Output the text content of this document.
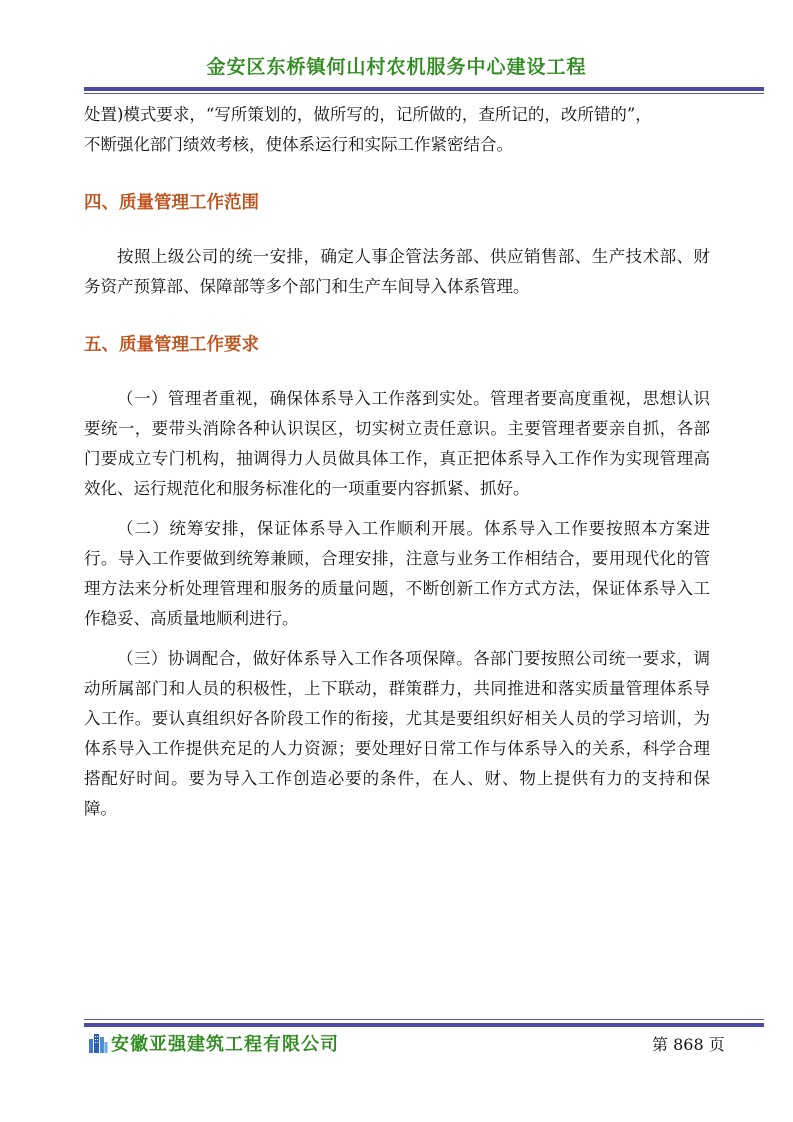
金安区东桥镇何山村农机服务中心建设工程

处置)模式要求，“写所策划的，做所写的，记所做的，查所记的，改所错的”，

不断强化部门绩效考核，使体系运行和实际工作紧密结合。

四、质量管理工作范围

按照上级公司的统一安排，确定人事企管法务部、供应销售部、生产技术部、财务资产预算部、保障部等多个部门和生产车间导入体系管理。

五、质量管理工作要求

（一）管理者重视，确保体系导入工作落到实处。管理者要高度重视，思想认识要统一，要带头消除各种认识误区，切实树立责任意识。主要管理者要亲自抓，各部门要成立专门机构，抽调得力人员做具体工作，真正把体系导入工作作为实现管理高效化、运行规范化和服务标准化的一项重要内容抓紧、抓好。

（二）统筹安排，保证体系导入工作顺利开展。体系导入工作要按照本方案进行。导入工作要做到统筹兼顾，合理安排，注意与业务工作相结合，要用现代化的管理方法来分析处理管理和服务的质量问题，不断创新工作方式方法，保证体系导入工作稳妥、高质量地顺利进行。

（三）协调配合，做好体系导入工作各项保障。各部门要按照公司统一要求，调动所属部门和人员的积极性，上下联动，群策群力，共同推进和落实质量管理体系导入工作。要认真组织好各阶段工作的衔接，尤其是要组织好相关人员的学习培训，为体系导入工作提供充足的人力资源；要处理好日常工作与体系导入的关系，科学合理搭配好时间。要为导入工作创造必要的条件，在人、财、物上提供有力的支持和保障。

安徽亚强建筑工程有限公司	第 868 页
